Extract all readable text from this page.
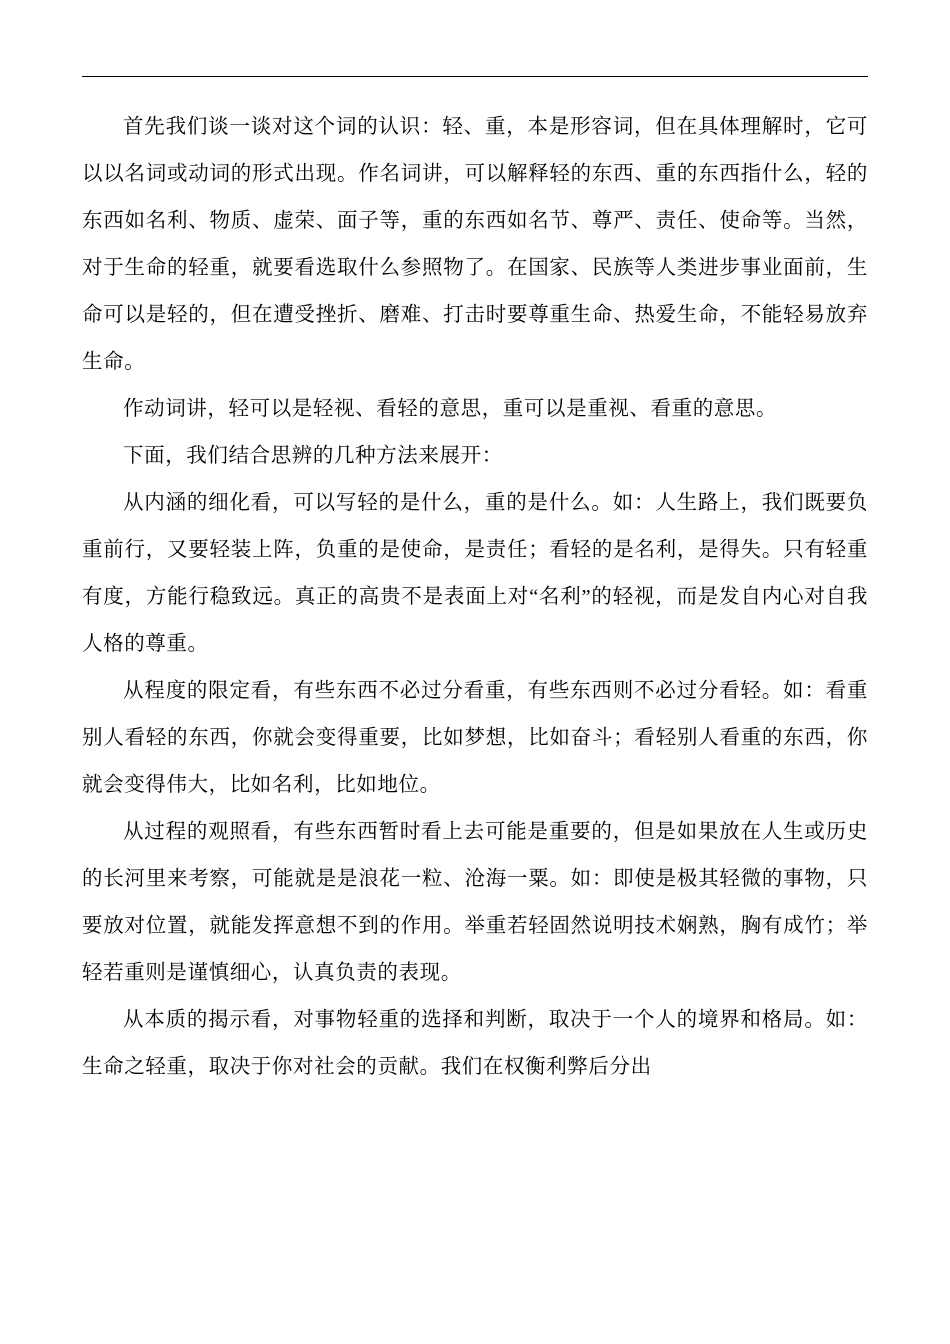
首先我们谈一谈对这个词的认识：轻、重，本是形容词，但在具体理解时，它可以以名词或动词的形式出现。作名词讲，可以解释轻的东西、重的东西指什么，轻的东西如名利、物质、虚荣、面子等，重的东西如名节、尊严、责任、使命等。当然，对于生命的轻重，就要看选取什么参照物了。在国家、民族等人类进步事业面前，生命可以是轻的，但在遭受挫折、磨难、打击时要尊重生命、热爱生命，不能轻易放弃生命。

作动词讲，轻可以是轻视、看轻的意思，重可以是重视、看重的意思。

下面，我们结合思辨的几种方法来展开：

从内涵的细化看，可以写轻的是什么，重的是什么。如：人生路上，我们既要负重前行，又要轻装上阵，负重的是使命，是责任；看轻的是名利，是得失。只有轻重有度，方能行稳致远。真正的高贵不是表面上对“名利”的轻视，而是发自内心对自我人格的尊重。

从程度的限定看，有些东西不必过分看重，有些东西则不必过分看轻。如：看重别人看轻的东西，你就会变得重要，比如梦想，比如奋斗；看轻别人看重的东西，你就会变得伟大，比如名利，比如地位。

从过程的观照看，有些东西暂时看上去可能是重要的，但是如果放在人生或历史的长河里来考察，可能就是是浪花一粒、沧海一粟。如：即使是极其轻微的事物，只要放对位置，就能发挥意想不到的作用。举重若轻固然说明技术娴熟，胸有成竹；举轻若重则是谨慎细心，认真负责的表现。

从本质的揭示看，对事物轻重的选择和判断，取决于一个人的境界和格局。如：生命之轻重，取决于你对社会的贡献。我们在权衡利弊后分出
